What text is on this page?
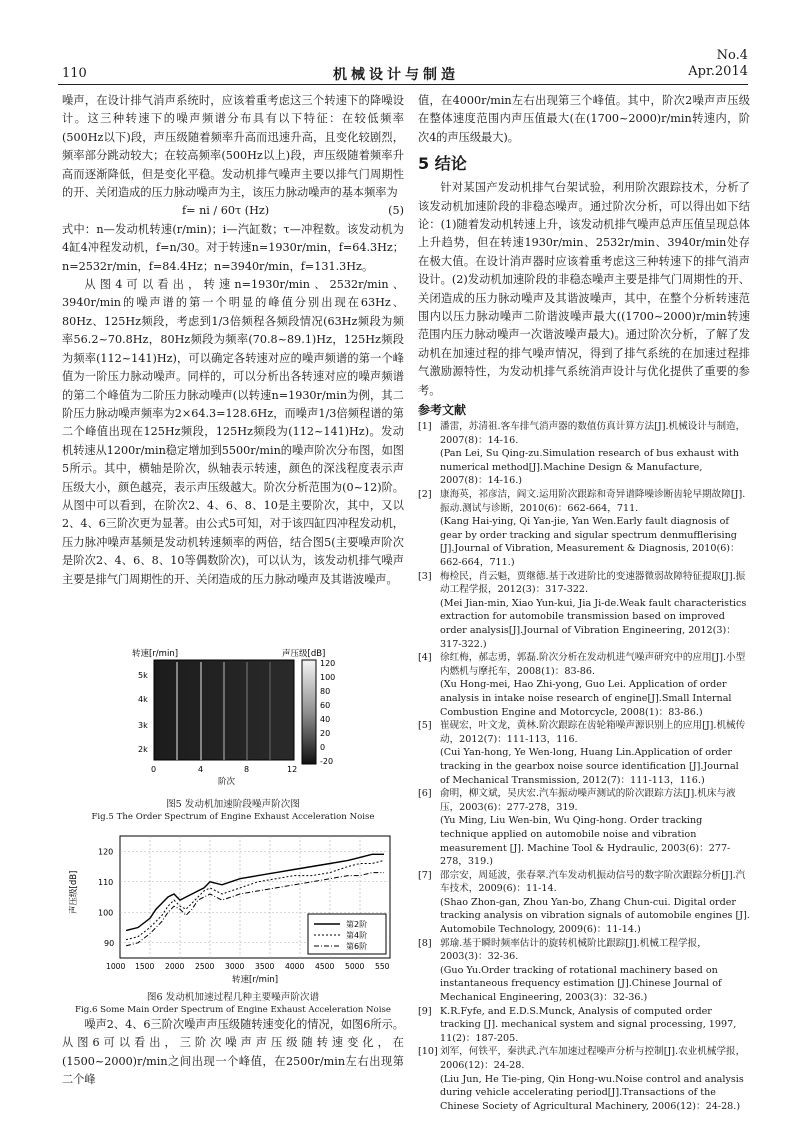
No.4
Apr.2014
110	机械设计与制造

噪声，在设计排气消声系统时，应该着重考虑这三个转速下的降噪设计。这三种转速下的噪声频谱分布具有以下特征：在较低频率(500Hz以下)段，声压级随着频率升高而迅速升高，且变化较剧烈，频率部分跳动较大；在较高频率(500Hz以上)段，声压级随着频率升高而逐渐降低，但是变化平稳。发动机排气噪声主要以排气门周期性的开、关闭造成的压力脉动噪声为主，该压力脉动噪声的基本频率为

f= ni / 60τ (Hz)	(5)

式中：n—发动机转速(r/min)；i—汽缸数；τ—冲程数。该发动机为4缸4冲程发动机，f=n/30。对于转速n=1930r/min，f=64.3Hz；n=2532r/min，f=84.4Hz；n=3940r/min，f=131.3Hz。

从图4可以看出，转速n=1930r/min、2532r/min、3940r/min的噪声谱的第一个明显的峰值分别出现在63Hz、80Hz、125Hz频段，考虑到1/3倍频程各频段情况(63Hz频段为频率56.2~70.8Hz，80Hz频段为频率(70.8~89.1)Hz，125Hz频段为频率(112~141)Hz)，可以确定各转速对应的噪声频谱的第一个峰值为一阶压力脉动噪声。同样的，可以分析出各转速对应的噪声频谱的第二个峰值为二阶压力脉动噪声(以转速n=1930r/min为例，其二阶压力脉动噪声频率为2×64.3=128.6Hz，而噪声1/3倍频程谱的第二个峰值出现在125Hz频段，125Hz频段为(112~141)Hz)。发动机转速从1200r/min稳定增加到5500r/min的噪声阶次分布图，如图5所示。其中，横轴是阶次，纵轴表示转速，颜色的深浅程度表示声压级大小，颜色越亮，表示声压级越大。阶次分析范围为(0~12)阶。从图中可以看到，在阶次2、4、6、8、10是主要阶次，其中，又以2、4、6三阶次更为显著。由公式5可知，对于该四缸四冲程发动机，压力脉冲噪声基频是发动机转速频率的两倍，结合图5(主要噪声阶次是阶次2、4、6、8、10等偶数阶次)，可以认为，该发动机排气噪声主要是排气门周期性的开、关闭造成的压力脉动噪声及其谐波噪声。

转速[r/min]	声压级[dB]
5k
4k
3k
2k
0	4	8	12
阶次
120
100
80
60
40
20
0
-20
图5 发动机加速阶段噪声阶次图
Fig.5 The Order Spectrum of Engine Exhaust Acceleration Noise
120
110
100
90
声压级[dB]
1000 1500 2000 2500 3000 3500 4000 4500 5000 550
转速[r/min]
第2阶
第4阶
第6阶
图6 发动机加速过程几种主要噪声阶次谱
Fig.6 Some Main Order Spectrum of Engine Exhaust Acceleration Noise

噪声2、4、6三阶次噪声声压级随转速变化的情况，如图6所示。从图6可以看出，三阶次噪声声压级随转速变化，在(1500~2000)r/min之间出现一个峰值，在2500r/min左右出现第二个峰

值，在4000r/min左右出现第三个峰值。其中，阶次2噪声声压级在整体速度范围内声压值最大(在(1700~2000)r/min转速内，阶次4的声压级最大)。

5 结论

针对某国产发动机排气台架试验，利用阶次跟踪技术，分析了该发动机加速阶段的非稳态噪声。通过阶次分析，可以得出如下结论：(1)随着发动机转速上升，该发动机排气噪声总声压值呈现总体上升趋势，但在转速1930r/min、2532r/min、3940r/min处存在极大值。在设计消声器时应该着重考虑这三种转速下的排气消声设计。(2)发动机加速阶段的非稳态噪声主要是排气门周期性的开、关闭造成的压力脉动噪声及其谐波噪声，其中，在整个分析转速范围内以压力脉动噪声二阶谐波噪声最大((1700~2000)r/min转速范围内压力脉动噪声一次谐波噪声最大)。通过阶次分析，了解了发动机在加速过程的排气噪声情况，得到了排气系统的在加速过程排气激励源特性，为发动机排气系统消声设计与优化提供了重要的参考。

参考文献
[1] 潘雷，苏清祖.客车排气消声器的数值仿真计算方法[J].机械设计与制造，2007(8)：14-16.
(Pan Lei, Su Qing-zu.Simulation research of bus exhaust with numerical method[J].Machine Design & Manufacture, 2007(8)：14-16.)
[2] 康海英，祁彦洁，阎文.运用阶次跟踪和奇异谱降噪诊断齿轮早期故障[J].振动.测试与诊断，2010(6)：662-664，711.
(Kang Hai-ying, Qi Yan-jie, Yan Wen.Early fault diagnosis of gear by order tracking and sigular spectrum denmufflerising [J].Journal of Vibration, Measurement & Diagnosis, 2010(6)：662-664，711.)
[3] 梅检民，肖云魁，贾继德.基于改进阶比的变速器微弱故障特征提取[J].振动工程学报，2012(3)：317-322.
(Mei Jian-min, Xiao Yun-kui, Jia Ji-de.Weak fault characteristics extraction for automobile transmission based on improved order analysis[J].Journal of Vibration Engineering, 2012(3)：317-322.)
[4] 徐红梅，郝志勇，郭磊.阶次分析在发动机进气噪声研究中的应用[J].小型内燃机与摩托车，2008(1)：83-86.
(Xu Hong-mei, Hao Zhi-yong, Guo Lei. Application of order analysis in intake noise research of engine[J].Small Internal Combustion Engine and Motorcycle, 2008(1)：83-86.)
[5] 崔砚宏，叶文龙，黄林.阶次跟踪在齿轮箱噪声源识别上的应用[J].机械传动，2012(7)：111-113，116.
(Cui Yan-hong, Ye Wen-long, Huang Lin.Application of order tracking in the gearbox noise source identification [J].Journal of Mechanical Transmission, 2012(7)：111-113，116.)
[6] 俞明，柳文斌，吴庆宏.汽车振动噪声测试的阶次跟踪方法[J].机床与液压，2003(6)：277-278，319.
(Yu Ming, Liu Wen-bin, Wu Qing-hong. Order tracking technique applied on automobile noise and vibration measurement [J]. Machine Tool & Hydraulic, 2003(6)：277-278，319.)
[7] 邵宗安，周延波，张春翠.汽车发动机振动信号的数字阶次跟踪分析[J].汽车技术，2009(6)：11-14.
(Shao Zhon-gan, Zhou Yan-bo, Zhang Chun-cui. Digital order tracking analysis on vibration signals of automobile engines [J]. Automobile Technology, 2009(6)：11-14.)
[8] 郭瑜.基于瞬时频率估计的旋转机械阶比跟踪[J].机械工程学报，2003(3)：32-36.
(Guo Yu.Order tracking of rotational machinery based on instantaneous frequency estimation [J].Chinese Journal of Mechanical Engineering, 2003(3)：32-36.)
[9] K.R.Fyfe, and E.D.S.Munck, Analysis of computed order tracking [J]. mechanical system and signal processing, 1997, 11(2)：187-205.
[10] 刘军，何铁平，秦洪武.汽车加速过程噪声分析与控制[J].农业机械学报，2006(12)：24-28.
(Liu Jun, He Tie-ping, Qin Hong-wu.Noise control and analysis during vehicle accelerating period[J].Transactions of the Chinese Society of Agricultural Machinery, 2006(12)：24-28.)
